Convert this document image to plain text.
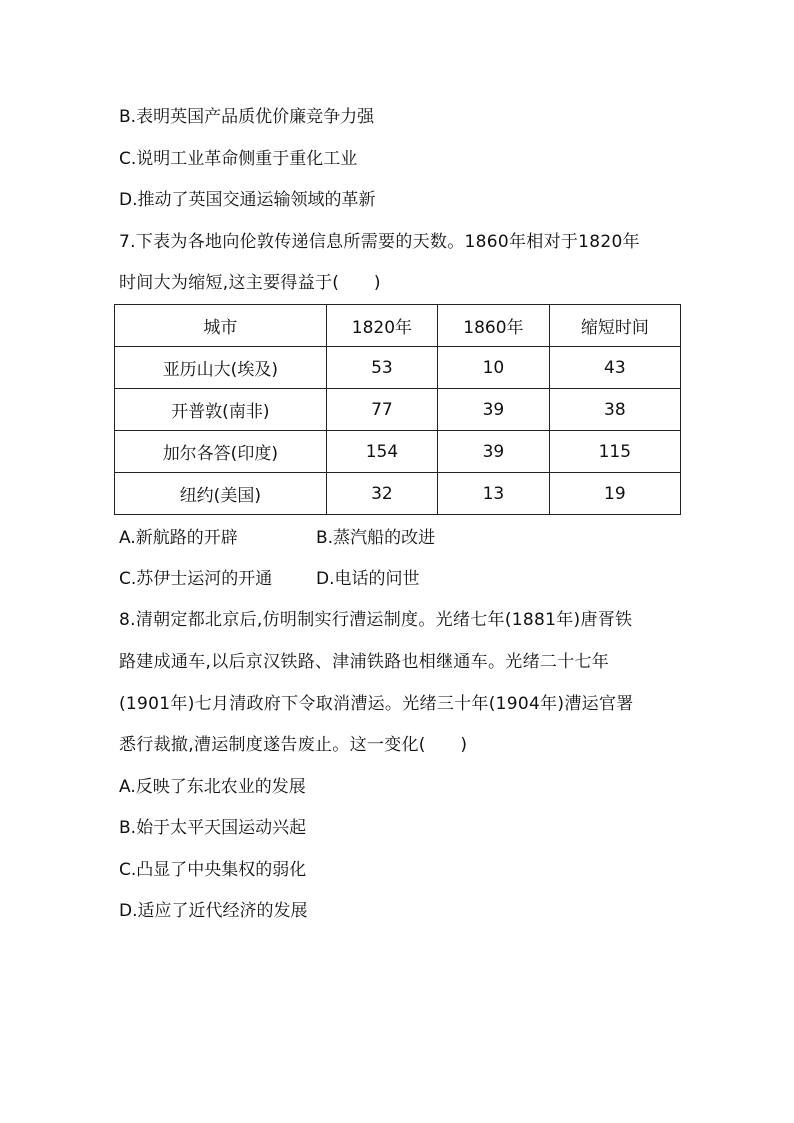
B.表明英国产品质优价廉竞争力强
C.说明工业革命侧重于重化工业
D.推动了英国交通运输领域的革新
7.下表为各地向伦敦传递信息所需要的天数。1860年相对于1820年
时间大为缩短,这主要得益于(　　)
城市	1820年	1860年	缩短时间
亚历山大(埃及)	53	10	43
开普敦(南非)	77	39	38
加尔各答(印度)	154	39	115
纽约(美国)	32	13	19
A.新航路的开辟	B.蒸汽船的改进
C.苏伊士运河的开通	D.电话的问世
8.清朝定都北京后,仿明制实行漕运制度。光绪七年(1881年)唐胥铁
路建成通车,以后京汉铁路、津浦铁路也相继通车。光绪二十七年
(1901年)七月清政府下令取消漕运。光绪三十年(1904年)漕运官署
悉行裁撤,漕运制度遂告废止。这一变化(　　)
A.反映了东北农业的发展
B.始于太平天国运动兴起
C.凸显了中央集权的弱化
D.适应了近代经济的发展
